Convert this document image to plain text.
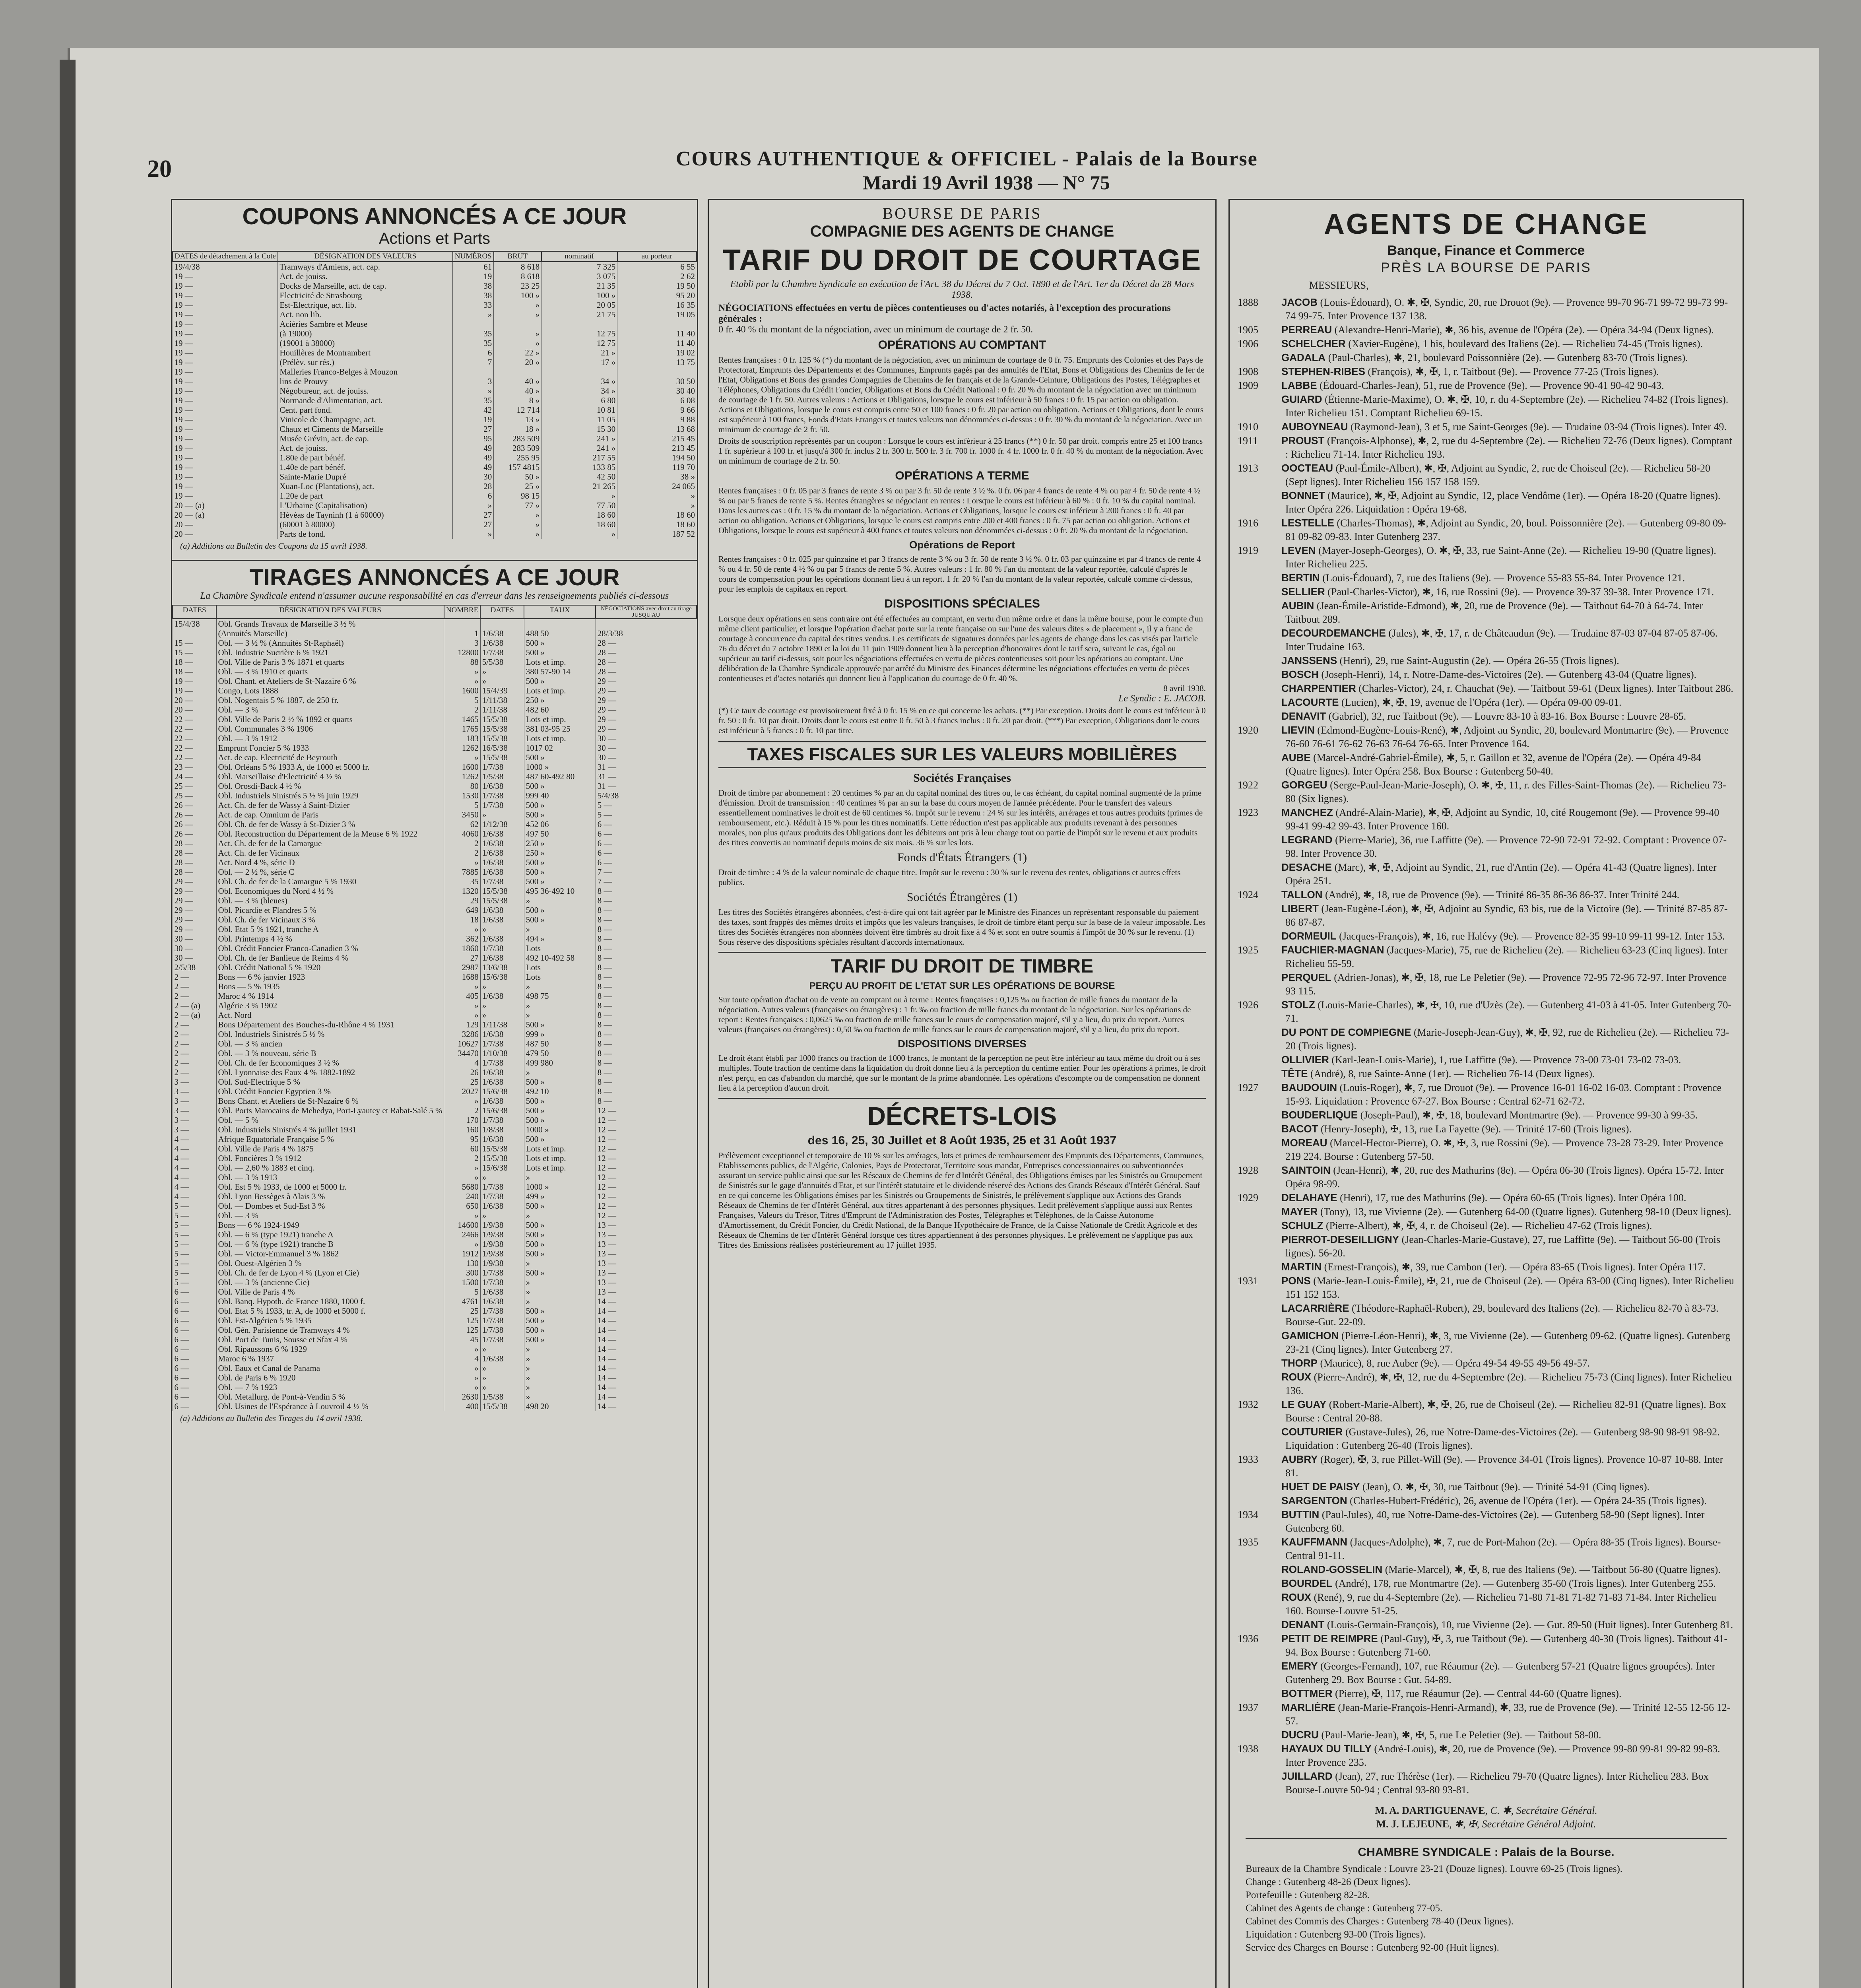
20	COURS AUTHENTIQUE & OFFICIEL - Palais de la Bourse
Mardi 19 Avril 1938 — N° 75
COUPONS ANNONCÉS A CE JOUR
Actions et Parts
DATES de détachement à la Cote	DÉSIGNATION DES VALEURS	NUMÉROS	BRUT	nominatif	au porteur
19/4/38	Tramways d'Amiens, act. cap.	61	8 618	7 325	6 55
19 —	Act. de jouiss.	19	8 618	3 075	2 62
19 —	Docks de Marseille, act. de cap.	38	23 25	21 35	19 50
19 —	Electricité de Strasbourg	38	100 »	100 »	95 20
19 —	Est-Electrique, act. lib.	33	»	20 05	16 35
19 —	Act. non lib.	»	»	21 75	19 05
19 —	Aciéries Sambre et Meuse				
19 —	(à 19000)	35	»	12 75	11 40
19 —	(19001 à 38000)	35	»	12 75	11 40
19 —	Houillères de Montrambert	6	22 »	21 »	19 02
19 —	(Prélèv. sur rés.)	7	20 »	17 »	13 75
19 —	Malleries Franco-Belges à Mouzon				
19 —	lins de Prouvy	3	40 »	34 »	30 50
19 —	Négobureur, act. de jouiss.	»	40 »	34 »	30 40
19 —	Normande d'Alimentation, act.	35	8 »	6 80	6 08
19 —	Cent. part fond.	42	12 714	10 81	9 66
19 —	Vinicole de Champagne, act.	19	13 »	11 05	9 88
19 —	Chaux et Ciments de Marseille	27	18 »	15 30	13 68
19 —	Musée Grévin, act. de cap.	95	283 509	241 »	215 45
19 —	Act. de jouiss.	49	283 509	241 »	213 45
19 —	1.80e de part bénéf.	49	255 95	217 55	194 50
19 —	1.40e de part bénéf.	49	157 4815	133 85	119 70
19 —	Sainte-Marie Dupré	30	50 »	42 50	38 »
19 —	Xuan-Loc (Plantations), act.	28	25 »	21 265	24 065
19 —	1.20e de part	6	98 15	»	»
20 — (a)	L'Urbaine (Capitalisation)	»	77 »	77 50	»
20 — (a)	Hévéas de Tayninh (1 à 60000)	27	»	18 60	18 60
20 —	(60001 à 80000)	27	»	18 60	18 60
20 —	Parts de fond.	»	»	»	187 52
(a) Additions au Bulletin des Coupons du 15 avril 1938.
TIRAGES ANNONCÉS A CE JOUR
La Chambre Syndicale entend n'assumer aucune responsabilité en cas d'erreur dans les renseignements publiés ci-dessous
DATES	DÉSIGNATION DES VALEURS	NOMBRE	DATES	TAUX	NÉGOCIATIONS avec droit au tirage JUSQU'AU
15/4/38	Obl. Grands Travaux de Marseille 3 ½ %				
	(Annuités Marseille)	1	1/6/38	488 50	28/3/38
15 —	Obl. — 3 ½ % (Annuités St-Raphaël)	3	1/6/38	500 »	28 —
15 —	Obl. Industrie Sucrière 6 % 1921	12800	1/7/38	500 »	28 —
18 —	Obl. Ville de Paris 3 % 1871 et quarts	88	5/5/38	Lots et imp.	28 —
18 —	Obl. — 3 % 1910 et quarts	»	»	380 57-90 14	28 —
19 —	Obl. Chant. et Ateliers de St-Nazaire 6 %	»	»	500 »	29 —
19 —	Congo, Lots 1888	1600	15/4/39	Lots et imp.	29 —
20 —	Obl. Nogentais 5 % 1887, de 250 fr.	5	1/11/38	250 »	29 —
20 —	Obl. — 3 %	2	1/11/38	482 60	29 —
22 —	Obl. Ville de Paris 2 ½ % 1892 et quarts	1465	15/5/38	Lots et imp.	29 —
22 —	Obl. Communales 3 % 1906	1765	15/5/38	381 03-95 25	29 —
22 —	Obl. — 3 % 1912	183	15/5/38	Lots et imp.	30 —
22 —	Emprunt Foncier 5 % 1933	1262	16/5/38	1017 02	30 —
22 —	Act. de cap. Electricité de Beyrouth	»	15/5/38	500 »	30 —
23 —	Obl. Orléans 5 % 1933 A, de 1000 et 5000 fr.	1600	1/7/38	1000 »	31 —
24 —	Obl. Marseillaise d'Electricité 4 ½ %	1262	1/5/38	487 60-492 80	31 —
25 —	Obl. Orosdi-Back 4 ½ %	80	1/6/38	500 »	31 —
25 —	Obl. Industriels Sinistrés 5 ½ % juin 1929	1530	1/7/38	999 40	5/4/38
26 —	Act. Ch. de fer de Wassy à Saint-Dizier	5	1/7/38	500 »	5 —
26 —	Act. de cap. Omnium de Paris	3450	»	500 »	5 —
26 —	Obl. Ch. de fer de Wassy à St-Dizier 3 %	62	1/12/38	452 06	6 —
26 —	Obl. Reconstruction du Département de la Meuse 6 % 1922	4060	1/6/38	497 50	6 —
28 —	Act. Ch. de fer de la Camargue	2	1/6/38	250 »	6 —
28 —	Act. Ch. de fer Vicinaux	2	1/6/38	250 »	6 —
28 —	Act. Nord 4 %, série D	»	1/6/38	500 »	6 —
28 —	Obl. — 2 ½ %, série C	7885	1/6/38	500 »	7 —
29 —	Obl. Ch. de fer de la Camargue 5 % 1930	35	1/7/38	500 »	7 —
29 —	Obl. Economiques du Nord 4 ½ %	1320	15/5/38	495 36-492 10	8 —
29 —	Obl. — 3 % (bleues)	29	15/5/38	»	8 —
29 —	Obl. Picardie et Flandres 5 %	649	1/6/38	500 »	8 —
29 —	Obl. Ch. de fer Vicinaux 3 %	18	1/6/38	500 »	8 —
29 —	Obl. Etat 5 % 1921, tranche A	»	»	»	8 —
30 —	Obl. Printemps 4 ½ %	362	1/6/38	494 »	8 —
30 —	Obl. Crédit Foncier Franco-Canadien 3 %	1860	1/7/38	Lots	8 —
30 —	Obl. Ch. de fer Banlieue de Reims 4 %	27	1/6/38	492 10-492 58	8 —
2/5/38	Obl. Crédit National 5 % 1920	2987	13/6/38	Lots	8 —
2 —	Bons — 6 % janvier 1923	1688	15/6/38	Lots	8 —
2 —	Bons — 5 % 1935	»	»	»	8 —
2 —	Maroc 4 % 1914	405	1/6/38	498 75	8 —
2 — (a)	Algérie 3 % 1902	»	»	»	8 —
2 — (a)	Act. Nord	»	»	»	8 —
2 —	Bons Département des Bouches-du-Rhône 4 % 1931	129	1/11/38	500 »	8 —
2 —	Obl. Industriels Sinistrés 5 ½ %	3286	1/6/38	999 »	8 —
2 —	Obl. — 3 % ancien	10627	1/7/38	487 50	8 —
2 —	Obl. — 3 % nouveau, série B	34470	1/10/38	479 50	8 —
2 —	Obl. Ch. de fer Economiques 3 ½ %	4	1/7/38	499 980	8 —
2 —	Obl. Lyonnaise des Eaux 4 % 1882-1892	26	1/6/38	»	8 —
3 —	Obl. Sud-Electrique 5 %	25	1/6/38	500 »	8 —
3 —	Obl. Crédit Foncier Egyptien 3 %	2027	15/6/38	492 10	8 —
3 —	Bons Chant. et Ateliers de St-Nazaire 6 %	»	1/6/38	500 »	8 —
3 —	Obl. Ports Marocains de Mehedya, Port-Lyautey et Rabat-Salé 5 %	2	15/6/38	500 »	12 —
3 —	Obl. — 5 %	170	1/7/38	500 »	12 —
3 —	Obl. Industriels Sinistrés 4 % juillet 1931	160	1/8/38	1000 »	12 —
4 —	Afrique Equatoriale Française 5 %	95	1/6/38	500 »	12 —
4 —	Obl. Ville de Paris 4 % 1875	60	15/5/38	Lots et imp.	12 —
4 —	Obl. Foncières 3 % 1912	2	15/5/38	Lots et imp.	12 —
4 —	Obl. — 2,60 % 1883 et cinq.	»	15/6/38	Lots et imp.	12 —
4 —	Obl. — 3 % 1913	»	»	»	12 —
4 —	Obl. Est 5 % 1933, de 1000 et 5000 fr.	5680	1/7/38	1000 »	12 —
4 —	Obl. Lyon Bessèges à Alais 3 %	240	1/7/38	499 »	12 —
5 —	Obl. — Dombes et Sud-Est 3 %	650	1/6/38	500 »	12 —
5 —	Obl. — 3 %	»	»	»	12 —
5 —	Bons — 6 % 1924-1949	14600	1/9/38	500 »	13 —
5 —	Obl. — 6 % (type 1921) tranche A	2466	1/9/38	500 »	13 —
5 —	Obl. — 6 % (type 1921) tranche B	»	1/9/38	500 »	13 —
5 —	Obl. — Victor-Emmanuel 3 % 1862	1912	1/9/38	500 »	13 —
5 —	Obl. Ouest-Algérien 3 %	130	1/9/38	»	13 —
5 —	Obl. Ch. de fer de Lyon 4 % (Lyon et Cie)	300	1/7/38	500 »	13 —
5 —	Obl. — 3 % (ancienne Cie)	1500	1/7/38	»	13 —
6 —	Obl. Ville de Paris 4 %	5	1/6/38	»	13 —
6 —	Obl. Banq. Hypoth. de France 1880, 1000 f.	4761	1/6/38	»	14 —
6 —	Obl. Etat 5 % 1933, tr. A, de 1000 et 5000 f.	25	1/7/38	500 »	14 —
6 —	Obl. Est-Algérien 5 % 1935	125	1/7/38	500 »	14 —
6 —	Obl. Gén. Parisienne de Tramways 4 %	125	1/7/38	500 »	14 —
6 —	Obl. Port de Tunis, Sousse et Sfax 4 %	45	1/7/38	500 »	14 —
6 —	Obl. Ripaussons 6 % 1929	»	»	»	14 —
6 —	Maroc 6 % 1937	4	1/6/38	»	14 —
6 —	Obl. Eaux et Canal de Panama	»	»	»	14 —
6 —	Obl. de Paris 6 % 1920	»	»	»	14 —
6 —	Obl. — 7 % 1923	»	»	»	14 —
6 —	Obl. Metallurg. de Pont-à-Vendin 5 %	2630	1/5/38	»	14 —
6 —	Obl. Usines de l'Espérance à Louvroil 4 ½ %	400	15/5/38	498 20	14 —
(a) Additions au Bulletin des Tirages du 14 avril 1938.
BOURSE DE PARIS
COMPAGNIE DES AGENTS DE CHANGE
TARIF DU DROIT DE COURTAGE

Etabli par la Chambre Syndicale en exécution de l'Art. 38 du Décret du 7 Oct. 1890 et de l'Art. 1er du Décret du 28 Mars 1938.

NÉGOCIATIONS effectuées en vertu de pièces contentieuses ou d'actes notariés, à l'exception des procurations générales :

0 fr. 40 % du montant de la négociation, avec un minimum de courtage de 2 fr. 50.

OPÉRATIONS AU COMPTANT

Rentes françaises : 0 fr. 125 % (*) du montant de la négociation, avec un minimum de courtage de 0 fr. 75. Emprunts des Colonies et des Pays de Protectorat, Emprunts des Départements et des Communes, Emprunts gagés par des annuités de l'Etat, Bons et Obligations des Chemins de fer de l'Etat, Obligations et Bons des grandes Compagnies de Chemins de fer français et de la Grande-Ceinture, Obligations des Postes, Télégraphes et Téléphones, Obligations du Crédit Foncier, Obligations et Bons du Crédit National : 0 fr. 20 % du montant de la négociation avec un minimum de courtage de 1 fr. 50. Autres valeurs : Actions et Obligations, lorsque le cours est inférieur à 50 francs : 0 fr. 15 par action ou obligation. Actions et Obligations, lorsque le cours est compris entre 50 et 100 francs : 0 fr. 20 par action ou obligation. Actions et Obligations, dont le cours est supérieur à 100 francs, Fonds d'Etats Etrangers et toutes valeurs non dénommées ci-dessus : 0 fr. 30 % du montant de la négociation. Avec un minimum de courtage de 2 fr. 50.

Droits de souscription représentés par un coupon : Lorsque le cours est inférieur à 25 francs (**) 0 fr. 50 par droit. compris entre 25 et 100 francs 1 fr. supérieur à 100 fr. et jusqu'à 300 fr. inclus 2 fr. 300 fr. 500 fr. 3 fr. 700 fr. 1000 fr. 4 fr. 1000 fr. 0 fr. 40 % du montant de la négociation. Avec un minimum de courtage de 2 fr. 50.

OPÉRATIONS A TERME

Rentes françaises : 0 fr. 05 par 3 francs de rente 3 % ou par 3 fr. 50 de rente 3 ½ %. 0 fr. 06 par 4 francs de rente 4 % ou par 4 fr. 50 de rente 4 ½ % ou par 5 francs de rente 5 %. Rentes étrangères se négociant en rentes : Lorsque le cours est inférieur à 60 % : 0 fr. 10 % du capital nominal. Dans les autres cas : 0 fr. 15 % du montant de la négociation. Actions et Obligations, lorsque le cours est inférieur à 200 francs : 0 fr. 40 par action ou obligation. Actions et Obligations, lorsque le cours est compris entre 200 et 400 francs : 0 fr. 75 par action ou obligation. Actions et Obligations, lorsque le cours est supérieur à 400 francs et toutes valeurs non dénommées ci-dessus : 0 fr. 20 % du montant de la négociation.

Opérations de Report

Rentes françaises : 0 fr. 025 par quinzaine et par 3 francs de rente 3 % ou 3 fr. 50 de rente 3 ½ %. 0 fr. 03 par quinzaine et par 4 francs de rente 4 % ou 4 fr. 50 de rente 4 ½ % ou par 5 francs de rente 5 %. Autres valeurs : 1 fr. 80 % l'an du montant de la valeur reportée, calculé d'après le cours de compensation pour les opérations donnant lieu à un report. 1 fr. 20 % l'an du montant de la valeur reportée, calculé comme ci-dessus, pour les emplois de capitaux en report.

DISPOSITIONS SPÉCIALES

Lorsque deux opérations en sens contraire ont été effectuées au comptant, en vertu d'un même ordre et dans la même bourse, pour le compte d'un même client particulier, et lorsque l'opération d'achat porte sur la rente française ou sur l'une des valeurs dites « de placement », il y a franc de courtage à concurrence du capital des titres vendus. Les certificats de signatures données par les agents de change dans les cas visés par l'article 76 du décret du 7 octobre 1890 et la loi du 11 juin 1909 donnent lieu à la perception d'honoraires dont le tarif sera, suivant le cas, égal ou supérieur au tarif ci-dessus, soit pour les négociations effectuées en vertu de pièces contentieuses soit pour les opérations au comptant. Une délibération de la Chambre Syndicale approuvée par arrêté du Ministre des Finances détermine les négociations effectuées en vertu de pièces contentieuses et d'actes notariés qui donnent lieu à l'application du courtage de 0 fr. 40 %.

8 avril 1938.

Le Syndic : E. JACOB.

(*) Ce taux de courtage est provisoirement fixé à 0 fr. 15 % en ce qui concerne les achats. (**) Par exception. Droits dont le cours est inférieur à 0 fr. 50 : 0 fr. 10 par droit. Droits dont le cours est entre 0 fr. 50 à 3 francs inclus : 0 fr. 20 par droit. (***) Par exception, Obligations dont le cours est inférieur à 5 francs : 0 fr. 10 par titre.

TAXES FISCALES SUR LES VALEURS MOBILIÈRES
Sociétés Françaises

Droit de timbre par abonnement : 20 centimes % par an du capital nominal des titres ou, le cas échéant, du capital nominal augmenté de la prime d'émission. Droit de transmission : 40 centimes % par an sur la base du cours moyen de l'année précédente. Pour le transfert des valeurs essentiellement nominatives le droit est de 60 centimes %. Impôt sur le revenu : 24 % sur les intérêts, arrérages et tous autres produits (primes de remboursement, etc.). Réduit à 15 % pour les titres nominatifs. Cette réduction n'est pas applicable aux produits revenant à des personnes morales, non plus qu'aux produits des Obligations dont les débiteurs ont pris à leur charge tout ou partie de l'impôt sur le revenu et aux produits des titres convertis au nominatif depuis moins de six mois. 36 % sur les lots.

Fonds d'États Étrangers (1)

Droit de timbre : 4 % de la valeur nominale de chaque titre. Impôt sur le revenu : 30 % sur le revenu des rentes, obligations et autres effets publics.

Sociétés Étrangères (1)

Les titres des Sociétés étrangères abonnées, c'est-à-dire qui ont fait agréer par le Ministre des Finances un représentant responsable du paiement des taxes, sont frappés des mêmes droits et impôts que les valeurs françaises, le droit de timbre étant perçu sur la base de la valeur imposable. Les titres des Sociétés étrangères non abonnées doivent être timbrés au droit fixe à 4 % et sont en outre soumis à l'impôt de 30 % sur le revenu. (1) Sous réserve des dispositions spéciales résultant d'accords internationaux.

TARIF DU DROIT DE TIMBRE
PERÇU AU PROFIT DE L'ETAT SUR LES OPÉRATIONS DE BOURSE

Sur toute opération d'achat ou de vente au comptant ou à terme : Rentes françaises : 0,125 ‰ ou fraction de mille francs du montant de la négociation. Autres valeurs (françaises ou étrangères) : 1 fr. ‰ ou fraction de mille francs du montant de la négociation. Sur les opérations de report : Rentes françaises : 0,0625 ‰ ou fraction de mille francs sur le cours de compensation majoré, s'il y a lieu, du prix du report. Autres valeurs (françaises ou étrangères) : 0,50 ‰ ou fraction de mille francs sur le cours de compensation majoré, s'il y a lieu, du prix du report.

DISPOSITIONS DIVERSES

Le droit étant établi par 1000 francs ou fraction de 1000 francs, le montant de la perception ne peut être inférieur au taux même du droit ou à ses multiples. Toute fraction de centime dans la liquidation du droit donne lieu à la perception du centime entier. Pour les opérations à primes, le droit n'est perçu, en cas d'abandon du marché, que sur le montant de la prime abandonnée. Les opérations d'escompte ou de compensation ne donnent lieu à la perception d'aucun droit.

DÉCRETS-LOIS
des 16, 25, 30 Juillet et 8 Août 1935, 25 et 31 Août 1937

Prélèvement exceptionnel et temporaire de 10 % sur les arrérages, lots et primes de remboursement des Emprunts des Départements, Communes, Etablissements publics, de l'Algérie, Colonies, Pays de Protectorat, Territoire sous mandat, Entreprises concessionnaires ou subventionnées assurant un service public ainsi que sur les Réseaux de Chemins de fer d'Intérêt Général, des Obligations émises par les Sinistrés ou Groupement de Sinistrés sur le gage d'annuités d'Etat, et sur l'intérêt statutaire et le dividende réservé des Actions des Grands Réseaux d'Intérêt Général. Sauf en ce qui concerne les Obligations émises par les Sinistrés ou Groupements de Sinistrés, le prélèvement s'applique aux Actions des Grands Réseaux de Chemins de fer d'Intérêt Général, aux titres appartenant à des personnes physiques. Ledit prélèvement s'applique aussi aux Rentes Françaises, Valeurs du Trésor, Titres d'Emprunt de l'Administration des Postes, Télégraphes et Téléphones, de la Caisse Autonome d'Amortissement, du Crédit Foncier, du Crédit National, de la Banque Hypothécaire de France, de la Caisse Nationale de Crédit Agricole et des Réseaux de Chemins de fer d'Intérêt Général lorsque ces titres appartiennent à des personnes physiques. Le prélèvement ne s'applique pas aux Titres des Emissions réalisées postérieurement au 17 juillet 1935.

AGENTS DE CHANGE
Banque, Finance et Commerce
PRÈS LA BOURSE DE PARIS
MESSIEURS,
1888 JACOB (Louis-Édouard), O. ✱, ✠, Syndic, 20, rue Drouot (9e). — Provence 99-70 96-71 99-72 99-73 99-74 99-75. Inter Provence 137 138.
1905 PERREAU (Alexandre-Henri-Marie), ✱, 36 bis, avenue de l'Opéra (2e). — Opéra 34-94 (Deux lignes).
1906 SCHELCHER (Xavier-Eugène), 1 bis, boulevard des Italiens (2e). — Richelieu 74-45 (Trois lignes).
GADALA (Paul-Charles), ✱, 21, boulevard Poissonnière (2e). — Gutenberg 83-70 (Trois lignes).
1908 STEPHEN-RIBES (François), ✱, ✠, 1, r. Taitbout (9e). — Provence 77-25 (Trois lignes).
1909 LABBE (Édouard-Charles-Jean), 51, rue de Provence (9e). — Provence 90-41 90-42 90-43.
GUIARD (Étienne-Marie-Maxime), O. ✱, ✠, 10, r. du 4-Septembre (2e). — Richelieu 74-82 (Trois lignes). Inter Richelieu 151. Comptant Richelieu 69-15.
1910 AUBOYNEAU (Raymond-Jean), 3 et 5, rue Saint-Georges (9e). — Trudaine 03-94 (Trois lignes). Inter 49.
1911 PROUST (François-Alphonse), ✱, 2, rue du 4-Septembre (2e). — Richelieu 72-76 (Deux lignes). Comptant : Richelieu 71-14. Inter Richelieu 193.
1913 OOCTEAU (Paul-Émile-Albert), ✱, ✠, Adjoint au Syndic, 2, rue de Choiseul (2e). — Richelieu 58-20 (Sept lignes). Inter Richelieu 156 157 158 159.
BONNET (Maurice), ✱, ✠, Adjoint au Syndic, 12, place Vendôme (1er). — Opéra 18-20 (Quatre lignes). Inter Opéra 226. Liquidation : Opéra 19-68.
1916 LESTELLE (Charles-Thomas), ✱, Adjoint au Syndic, 20, boul. Poissonnière (2e). — Gutenberg 09-80 09-81 09-82 09-83. Inter Gutenberg 237.
1919 LEVEN (Mayer-Joseph-Georges), O. ✱, ✠, 33, rue Saint-Anne (2e). — Richelieu 19-90 (Quatre lignes). Inter Richelieu 225.
BERTIN (Louis-Édouard), 7, rue des Italiens (9e). — Provence 55-83 55-84. Inter Provence 121.
SELLIER (Paul-Charles-Victor), ✱, 16, rue Rossini (9e). — Provence 39-37 39-38. Inter Provence 171.
AUBIN (Jean-Émile-Aristide-Edmond), ✱, 20, rue de Provence (9e). — Taitbout 64-70 à 64-74. Inter Taitbout 289.
DECOURDEMANCHE (Jules), ✱, ✠, 17, r. de Châteaudun (9e). — Trudaine 87-03 87-04 87-05 87-06. Inter Trudaine 163.
JANSSENS (Henri), 29, rue Saint-Augustin (2e). — Opéra 26-55 (Trois lignes).
BOSCH (Joseph-Henri), 14, r. Notre-Dame-des-Victoires (2e). — Gutenberg 43-04 (Quatre lignes).
CHARPENTIER (Charles-Victor), 24, r. Chauchat (9e). — Taitbout 59-61 (Deux lignes). Inter Taitbout 286.
LACOURTE (Lucien), ✱, ✠, 19, avenue de l'Opéra (1er). — Opéra 09-00 09-01.
DENAVIT (Gabriel), 32, rue Taitbout (9e). — Louvre 83-10 à 83-16. Box Bourse : Louvre 28-65.
1920 LIEVIN (Edmond-Eugène-Louis-René), ✱, Adjoint au Syndic, 20, boulevard Montmartre (9e). — Provence 76-60 76-61 76-62 76-63 76-64 76-65. Inter Provence 164.
AUBE (Marcel-André-Gabriel-Émile), ✱, 5, r. Gaillon et 32, avenue de l'Opéra (2e). — Opéra 49-84 (Quatre lignes). Inter Opéra 258. Box Bourse : Gutenberg 50-40.
1922 GORGEU (Serge-Paul-Jean-Marie-Joseph), O. ✱, ✠, 11, r. des Filles-Saint-Thomas (2e). — Richelieu 73-80 (Six lignes).
1923 MANCHEZ (André-Alain-Marie), ✱, ✠, Adjoint au Syndic, 10, cité Rougemont (9e). — Provence 99-40 99-41 99-42 99-43. Inter Provence 160.
LEGRAND (Pierre-Marie), 36, rue Laffitte (9e). — Provence 72-90 72-91 72-92. Comptant : Provence 07-98. Inter Provence 30.
DESACHE (Marc), ✱, ✠, Adjoint au Syndic, 21, rue d'Antin (2e). — Opéra 41-43 (Quatre lignes). Inter Opéra 251.
1924 TALLON (André), ✱, 18, rue de Provence (9e). — Trinité 86-35 86-36 86-37. Inter Trinité 244.
LIBERT (Jean-Eugène-Léon), ✱, ✠, Adjoint au Syndic, 63 bis, rue de la Victoire (9e). — Trinité 87-85 87-86 87-87.
DORMEUIL (Jacques-François), ✱, 16, rue Halévy (9e). — Provence 82-35 99-10 99-11 99-12. Inter 153.
1925 FAUCHIER-MAGNAN (Jacques-Marie), 75, rue de Richelieu (2e). — Richelieu 63-23 (Cinq lignes). Inter Richelieu 55-59.
PERQUEL (Adrien-Jonas), ✱, ✠, 18, rue Le Peletier (9e). — Provence 72-95 72-96 72-97. Inter Provence 93 115.
1926 STOLZ (Louis-Marie-Charles), ✱, ✠, 10, rue d'Uzès (2e). — Gutenberg 41-03 à 41-05. Inter Gutenberg 70-71.
DU PONT DE COMPIEGNE (Marie-Joseph-Jean-Guy), ✱, ✠, 92, rue de Richelieu (2e). — Richelieu 73-20 (Trois lignes).
OLLIVIER (Karl-Jean-Louis-Marie), 1, rue Laffitte (9e). — Provence 73-00 73-01 73-02 73-03.
TÊTE (André), 8, rue Sainte-Anne (1er). — Richelieu 76-14 (Deux lignes).
1927 BAUDOUIN (Louis-Roger), ✱, 7, rue Drouot (9e). — Provence 16-01 16-02 16-03. Comptant : Provence 15-93. Liquidation : Provence 67-27. Box Bourse : Central 62-71 62-72.
BOUDERLIQUE (Joseph-Paul), ✱, ✠, 18, boulevard Montmartre (9e). — Provence 99-30 à 99-35.
BACOT (Henry-Joseph), ✠, 13, rue La Fayette (9e). — Trinité 17-60 (Trois lignes).
MOREAU (Marcel-Hector-Pierre), O. ✱, ✠, 3, rue Rossini (9e). — Provence 73-28 73-29. Inter Provence 219 224. Bourse : Gutenberg 57-50.
1928 SAINTOIN (Jean-Henri), ✱, 20, rue des Mathurins (8e). — Opéra 06-30 (Trois lignes). Opéra 15-72. Inter Opéra 98-99.
1929 DELAHAYE (Henri), 17, rue des Mathurins (9e). — Opéra 60-65 (Trois lignes). Inter Opéra 100.
MAYER (Tony), 13, rue Vivienne (2e). — Gutenberg 64-00 (Quatre lignes). Gutenberg 98-10 (Deux lignes).
SCHULZ (Pierre-Albert), ✱, ✠, 4, r. de Choiseul (2e). — Richelieu 47-62 (Trois lignes).
PIERROT-DESEILLIGNY (Jean-Charles-Marie-Gustave), 27, rue Laffitte (9e). — Taitbout 56-00 (Trois lignes). 56-20.
MARTIN (Ernest-François), ✱, 39, rue Cambon (1er). — Opéra 83-65 (Trois lignes). Inter Opéra 117.
1931 PONS (Marie-Jean-Louis-Émile), ✠, 21, rue de Choiseul (2e). — Opéra 63-00 (Cinq lignes). Inter Richelieu 151 152 153.
LACARRIÈRE (Théodore-Raphaël-Robert), 29, boulevard des Italiens (2e). — Richelieu 82-70 à 83-73. Bourse-Gut. 22-09.
GAMICHON (Pierre-Léon-Henri), ✱, 3, rue Vivienne (2e). — Gutenberg 09-62. (Quatre lignes). Gutenberg 23-21 (Cinq lignes). Inter Gutenberg 27.
THORP (Maurice), 8, rue Auber (9e). — Opéra 49-54 49-55 49-56 49-57.
ROUX (Pierre-André), ✱, ✠, 12, rue du 4-Septembre (2e). — Richelieu 75-73 (Cinq lignes). Inter Richelieu 136.
1932 LE GUAY (Robert-Marie-Albert), ✱, ✠, 26, rue de Choiseul (2e). — Richelieu 82-91 (Quatre lignes). Box Bourse : Central 20-88.
COUTURIER (Gustave-Jules), 26, rue Notre-Dame-des-Victoires (2e). — Gutenberg 98-90 98-91 98-92. Liquidation : Gutenberg 26-40 (Trois lignes).
1933 AUBRY (Roger), ✠, 3, rue Pillet-Will (9e). — Provence 34-01 (Trois lignes). Provence 10-87 10-88. Inter 81.
HUET DE PAISY (Jean), O. ✱, ✠, 30, rue Taitbout (9e). — Trinité 54-91 (Cinq lignes).
SARGENTON (Charles-Hubert-Frédéric), 26, avenue de l'Opéra (1er). — Opéra 24-35 (Trois lignes).
1934 BUTTIN (Paul-Jules), 40, rue Notre-Dame-des-Victoires (2e). — Gutenberg 58-90 (Sept lignes). Inter Gutenberg 60.
1935 KAUFFMANN (Jacques-Adolphe), ✱, 7, rue de Port-Mahon (2e). — Opéra 88-35 (Trois lignes). Bourse-Central 91-11.
ROLAND-GOSSELIN (Marie-Marcel), ✱, ✠, 8, rue des Italiens (9e). — Taitbout 56-80 (Quatre lignes).
BOURDEL (André), 178, rue Montmartre (2e). — Gutenberg 35-60 (Trois lignes). Inter Gutenberg 255.
ROUX (René), 9, rue du 4-Septembre (2e). — Richelieu 71-80 71-81 71-82 71-83 71-84. Inter Richelieu 160. Bourse-Louvre 51-25.
DENANT (Louis-Germain-François), 10, rue Vivienne (2e). — Gut. 89-50 (Huit lignes). Inter Gutenberg 81.
1936 PETIT DE REIMPRE (Paul-Guy), ✠, 3, rue Taitbout (9e). — Gutenberg 40-30 (Trois lignes). Taitbout 41-94. Box Bourse : Gutenberg 71-60.
EMERY (Georges-Fernand), 107, rue Réaumur (2e). — Gutenberg 57-21 (Quatre lignes groupées). Inter Gutenberg 29. Box Bourse : Gut. 54-89.
BOTTMER (Pierre), ✠, 117, rue Réaumur (2e). — Central 44-60 (Quatre lignes).
1937 MARLIÈRE (Jean-Marie-François-Henri-Armand), ✱, 33, rue de Provence (9e). — Trinité 12-55 12-56 12-57.
DUCRU (Paul-Marie-Jean), ✱, ✠, 5, rue Le Peletier (9e). — Taitbout 58-00.
1938 HAYAUX DU TILLY (André-Louis), ✱, 20, rue de Provence (9e). — Provence 99-80 99-81 99-82 99-83. Inter Provence 235.
JUILLARD (Jean), 27, rue Thérèse (1er). — Richelieu 79-70 (Quatre lignes). Inter Richelieu 283. Box Bourse-Louvre 50-94 ; Central 93-80 93-81.
M. A. DARTIGUENAVE, C. ✱, Secrétaire Général.
M. J. LEJEUNE, ✱, ✠, Secrétaire Général Adjoint.
CHAMBRE SYNDICALE : Palais de la Bourse.
Bureaux de la Chambre Syndicale : Louvre 23-21 (Douze lignes). Louvre 69-25 (Trois lignes).
Change : Gutenberg 48-26 (Deux lignes).
Portefeuille : Gutenberg 82-28.
Cabinet des Agents de change : Gutenberg 77-05.
Cabinet des Commis des Charges : Gutenberg 78-40 (Deux lignes).
Liquidation : Gutenberg 93-00 (Trois lignes).
Service des Charges en Bourse : Gutenberg 92-00 (Huit lignes).
